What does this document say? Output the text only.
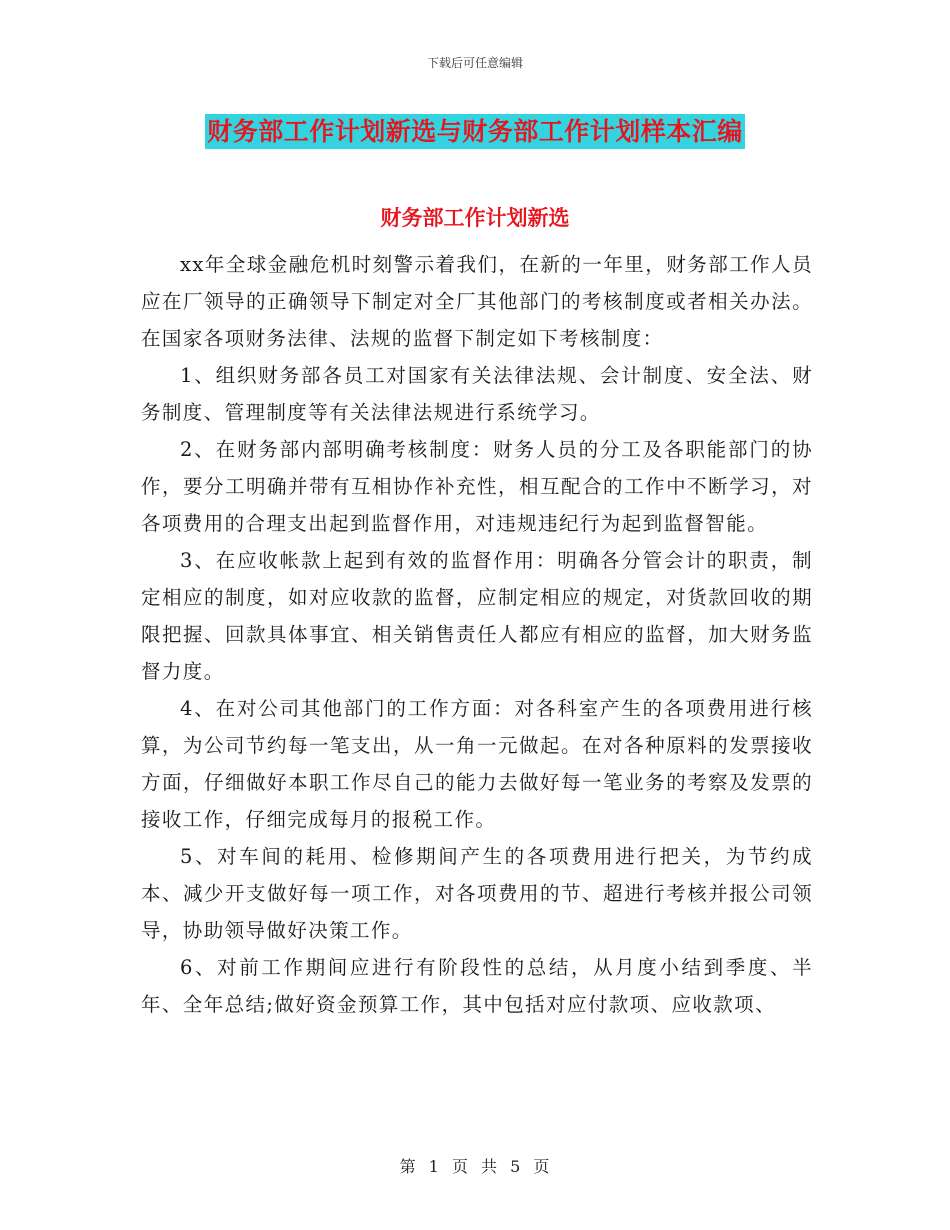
下载后可任意编辑
财务部工作计划新选与财务部工作计划样本汇编
财务部工作计划新选

xx年全球金融危机时刻警示着我们，在新的一年里，财务部工作人员应在厂领导的正确领导下制定对全厂其他部门的考核制度或者相关办法。在国家各项财务法律、法规的监督下制定如下考核制度：

1、组织财务部各员工对国家有关法律法规、会计制度、安全法、财务制度、管理制度等有关法律法规进行系统学习。

2、在财务部内部明确考核制度：财务人员的分工及各职能部门的协作，要分工明确并带有互相协作补充性，相互配合的工作中不断学习，对各项费用的合理支出起到监督作用，对违规违纪行为起到监督智能。

3、在应收帐款上起到有效的监督作用：明确各分管会计的职责，制定相应的制度，如对应收款的监督，应制定相应的规定，对货款回收的期限把握、回款具体事宜、相关销售责任人都应有相应的监督，加大财务监督力度。

4、在对公司其他部门的工作方面：对各科室产生的各项费用进行核算，为公司节约每一笔支出，从一角一元做起。在对各种原料的发票接收方面，仔细做好本职工作尽自己的能力去做好每一笔业务的考察及发票的接收工作，仔细完成每月的报税工作。

5、对车间的耗用、检修期间产生的各项费用进行把关，为节约成本、减少开支做好每一项工作，对各项费用的节、超进行考核并报公司领导，协助领导做好决策工作。

6、对前工作期间应进行有阶段性的总结，从月度小结到季度、半年、全年总结;做好资金预算工作，其中包括对应付款项、应收款项、

第 1 页 共 5 页
